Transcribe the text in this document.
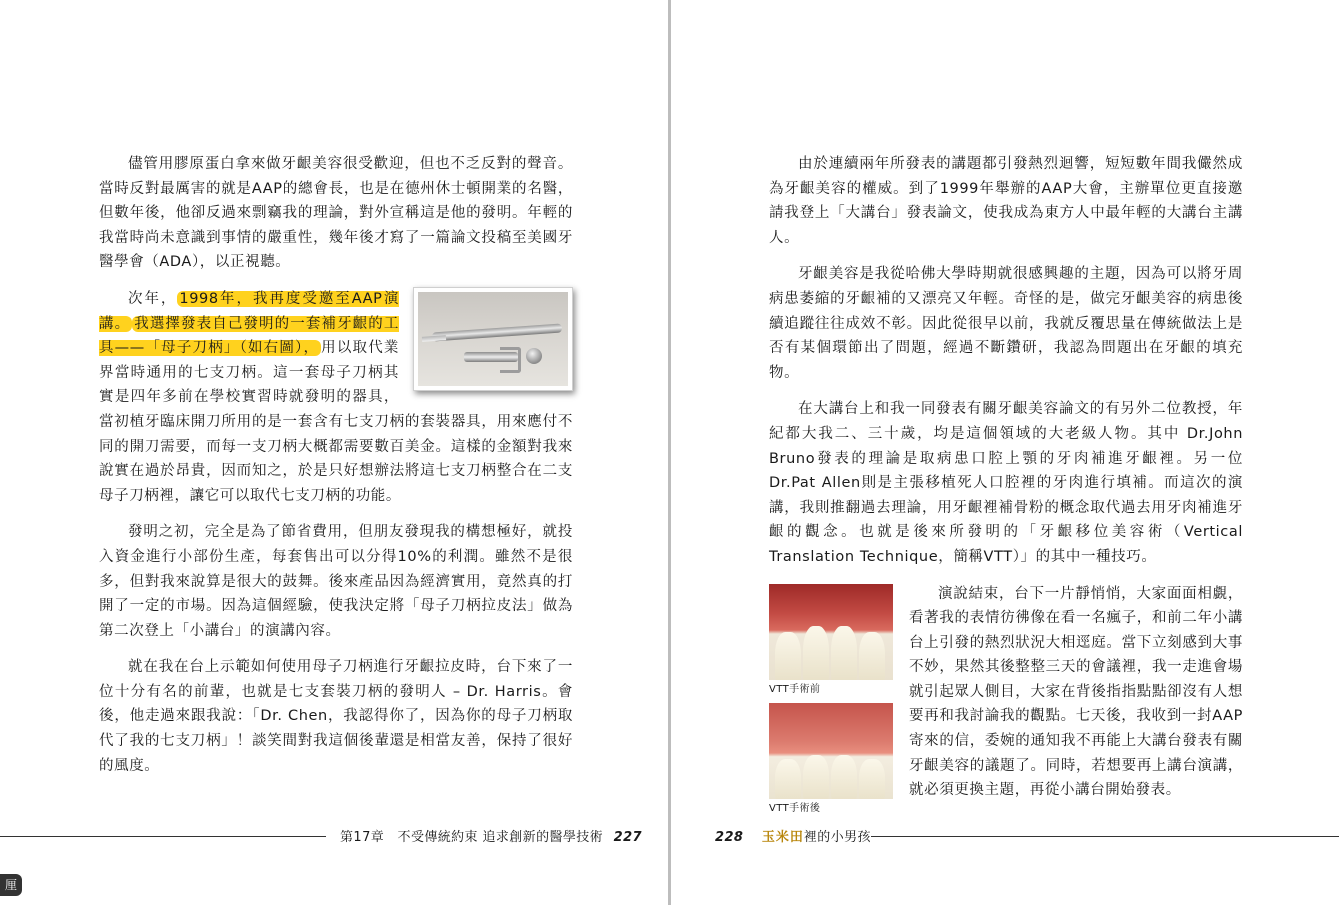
儘管用膠原蛋白拿來做牙齦美容很受歡迎，但也不乏反對的聲音。當時反對最厲害的就是AAP的總會長，也是在德州休士頓開業的名醫，但數年後，他卻反過來剽竊我的理論，對外宣稱這是他的發明。年輕的我當時尚未意識到事情的嚴重性，幾年後才寫了一篇論文投稿至美國牙醫學會（ADA），以正視聽。

次年， 1998年，我再度受邀至AAP演講。 我選擇發表自己發明的一套補牙齦的工具——「母子刀柄」（如右圖）， 用以取代業界當時通用的七支刀柄。這一套母子刀柄其實是四年多前在學校實習時就發明的器具，當初植牙臨床開刀所用的是一套含有七支刀柄的套裝器具，用來應付不同的開刀需要，而每一支刀柄大概都需要數百美金。這樣的金額對我來說實在過於昂貴，因而知之，於是只好想辦法將這七支刀柄整合在二支母子刀柄裡，讓它可以取代七支刀柄的功能。

發明之初，完全是為了節省費用，但朋友發現我的構想極好，就投入資金進行小部份生產，每套售出可以分得10%的利潤。雖然不是很多，但對我來說算是很大的鼓舞。後來產品因為經濟實用，竟然真的打開了一定的市場。因為這個經驗，使我決定將「母子刀柄拉皮法」做為第二次登上「小講台」的演講內容。

就在我在台上示範如何使用母子刀柄進行牙齦拉皮時，台下來了一位十分有名的前輩，也就是七支套裝刀柄的發明人 – Dr. Harris。會後，他走過來跟我說：「Dr. Chen，我認得你了，因為你的母子刀柄取代了我的七支刀柄」！談笑間對我這個後輩還是相當友善，保持了很好的風度。

第17章　不受傳統約束 追求創新的醫學技術 227

由於連續兩年所發表的講題都引發熱烈迴響，短短數年間我儼然成為牙齦美容的權威。到了1999年舉辦的AAP大會，主辦單位更直接邀請我登上「大講台」發表論文，使我成為東方人中最年輕的大講台主講人。

牙齦美容是我從哈佛大學時期就很感興趣的主題，因為可以將牙周病患萎縮的牙齦補的又漂亮又年輕。奇怪的是，做完牙齦美容的病患後續追蹤往往成效不彰。因此從很早以前，我就反覆思量在傳統做法上是否有某個環節出了問題，經過不斷鑽研，我認為問題出在牙齦的填充物。

在大講台上和我一同發表有關牙齦美容論文的有另外二位教授，年紀都大我二、三十歲，均是這個領域的大老級人物。其中 Dr.John Bruno發表的理論是取病患口腔上顎的牙肉補進牙齦裡。另一位 Dr.Pat Allen則是主張移植死人口腔裡的牙肉進行填補。而這次的演講，我則推翻過去理論，用牙齦裡補骨粉的概念取代過去用牙肉補進牙齦的觀念。也就是後來所發明的「牙齦移位美容術（Vertical Translation Technique，簡稱VTT）」的其中一種技巧。

VTT手術前
VTT手術後
演說結束，台下一片靜悄悄，大家面面相覷，看著我的表情彷彿像在看一名瘋子，和前二年小講台上引發的熱烈狀況大相逕庭。當下立刻感到大事不妙，果然其後整整三天的會議裡，我一走進會場就引起眾人側目，大家在背後指指點點卻沒有人想要再和我討論我的觀點。七天後，我收到一封AAP寄來的信，委婉的通知我不再能上大講台發表有關牙齦美容的議題了。同時，若想要再上講台演講，就必須更換主題，再從小講台開始發表。

228 玉米田裡的小男孩
厘
